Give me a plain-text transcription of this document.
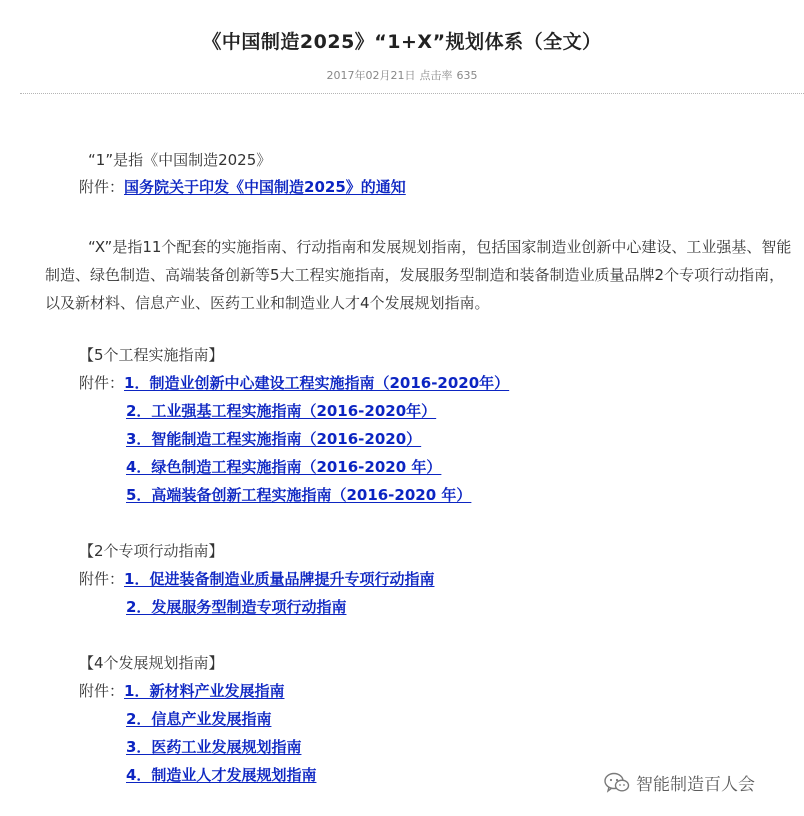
《中国制造2025》“1+X”规划体系（全文）
2017年02月21日 点击率 635
“1”是指《中国制造2025》
附件：国务院关于印发《中国制造2025》的通知
“X”是指11个配套的实施指南、行动指南和发展规划指南，包括国家制造业创新中心建设、工业强基、智能制造、绿色制造、高端装备创新等5大工程实施指南，发展服务型制造和装备制造业质量品牌2个专项行动指南，以及新材料、信息产业、医药工业和制造业人才4个发展规划指南。
【5个工程实施指南】
附件：1．制造业创新中心建设工程实施指南（2016-2020年）
2．工业强基工程实施指南（2016-2020年）
3．智能制造工程实施指南（2016-2020）
4．绿色制造工程实施指南（2016-2020 年）
5．高端装备创新工程实施指南（2016-2020 年）
【2个专项行动指南】
附件：1．促进装备制造业质量品牌提升专项行动指南
2．发展服务型制造专项行动指南
【4个发展规划指南】
附件：1．新材料产业发展指南
2．信息产业发展指南
3．医药工业发展规划指南
4．制造业人才发展规划指南	智能制造百人会
